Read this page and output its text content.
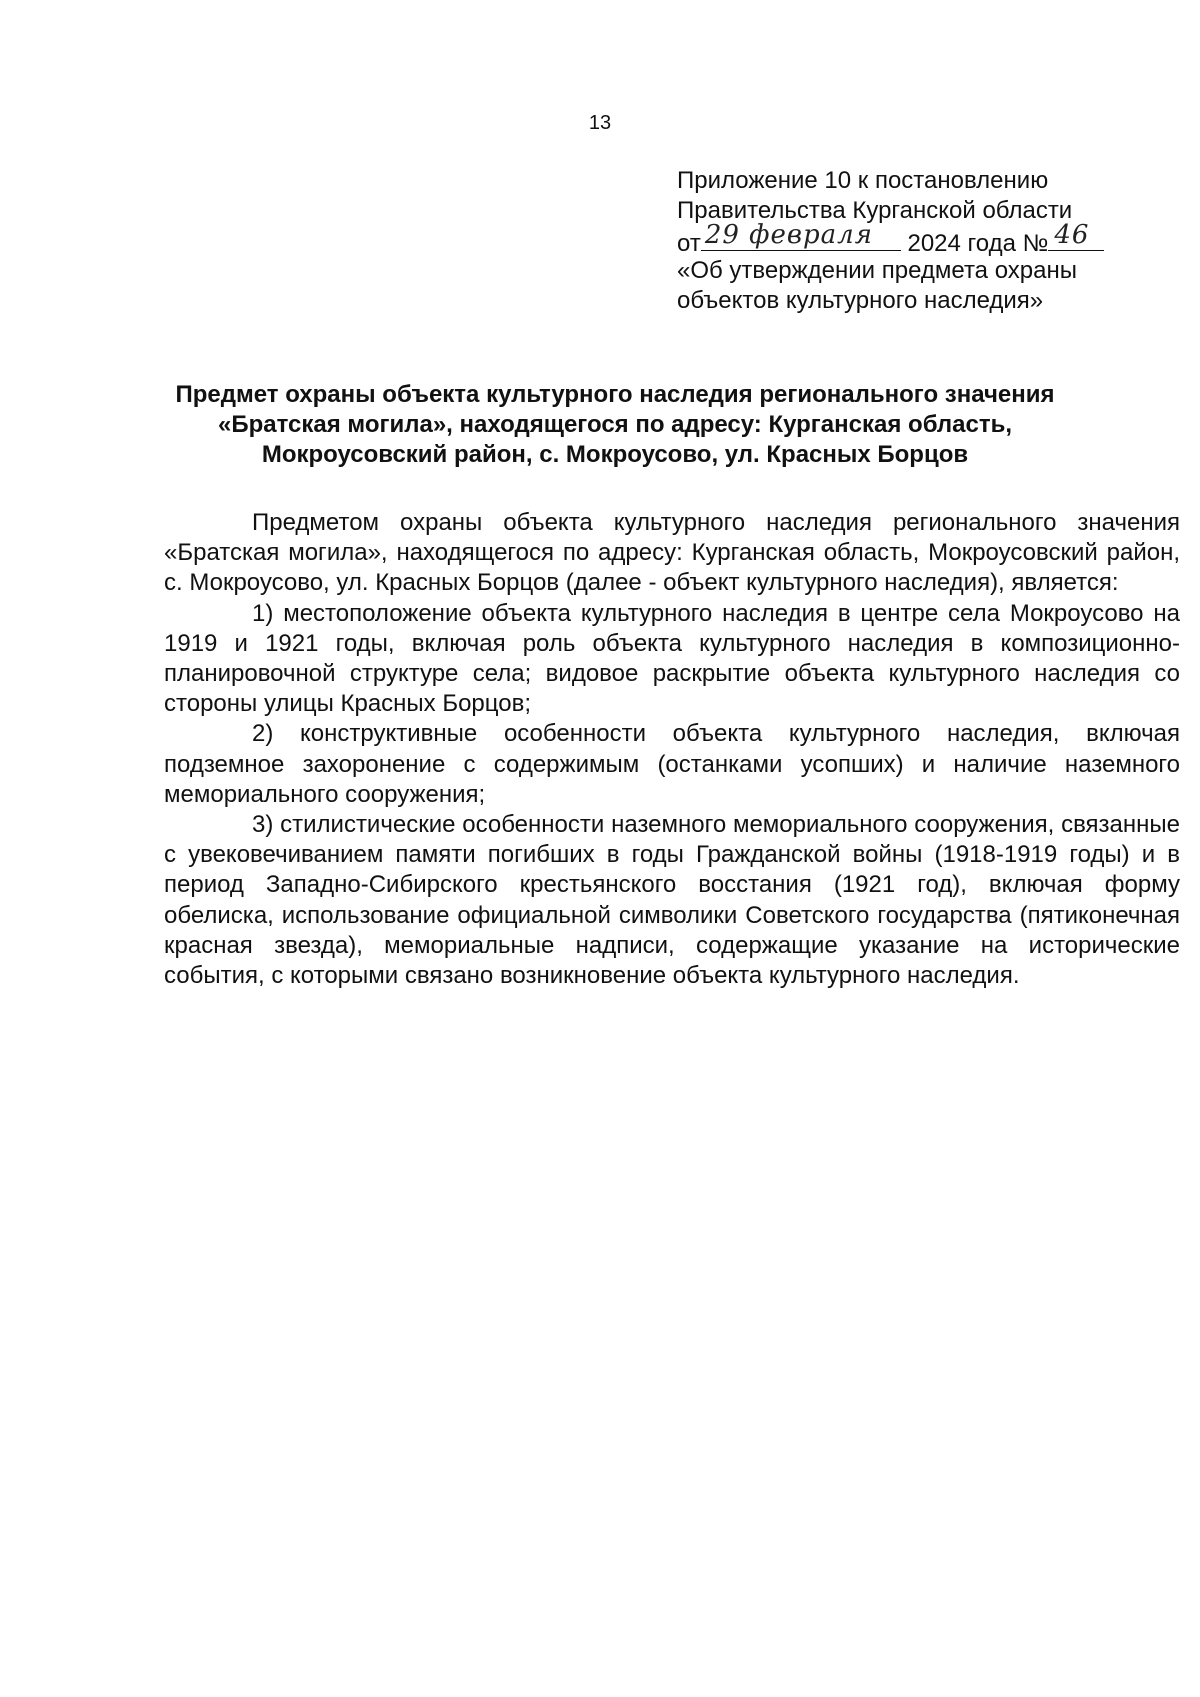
13
Приложение 10 к постановлению
Правительства Курганской области
от 29 февраля 2024 года № 46
«Об утверждении предмета охраны
объектов культурного наследия»
Предмет охраны объекта культурного наследия регионального значения
«Братская могила», находящегося по адресу: Курганская область,
Мокроусовский район, с. Мокроусово, ул. Красных Борцов

Предметом охраны объекта культурного наследия регионального значения «Братская могила», находящегося по адресу: Курганская область, Мокроусовский район, с. Мокроусово, ул. Красных Борцов (далее - объект культурного наследия), является:

1) местоположение объекта культурного наследия в центре села Мокроусово на 1919 и 1921 годы, включая роль объекта культурного наследия в композиционно-планировочной структуре села; видовое раскрытие объекта культурного наследия со стороны улицы Красных Борцов;

2) конструктивные особенности объекта культурного наследия, включая подземное захоронение с содержимым (останками усопших) и наличие наземного мемориального сооружения;

3) стилистические особенности наземного мемориального сооружения, связанные с увековечиванием памяти погибших в годы Гражданской войны (1918-1919 годы) и в период Западно-Сибирского крестьянского восстания (1921 год), включая форму обелиска, использование официальной символики Советского государства (пятиконечная красная звезда), мемориальные надписи, содержащие указание на исторические события, с которыми связано возникновение объекта культурного наследия.
